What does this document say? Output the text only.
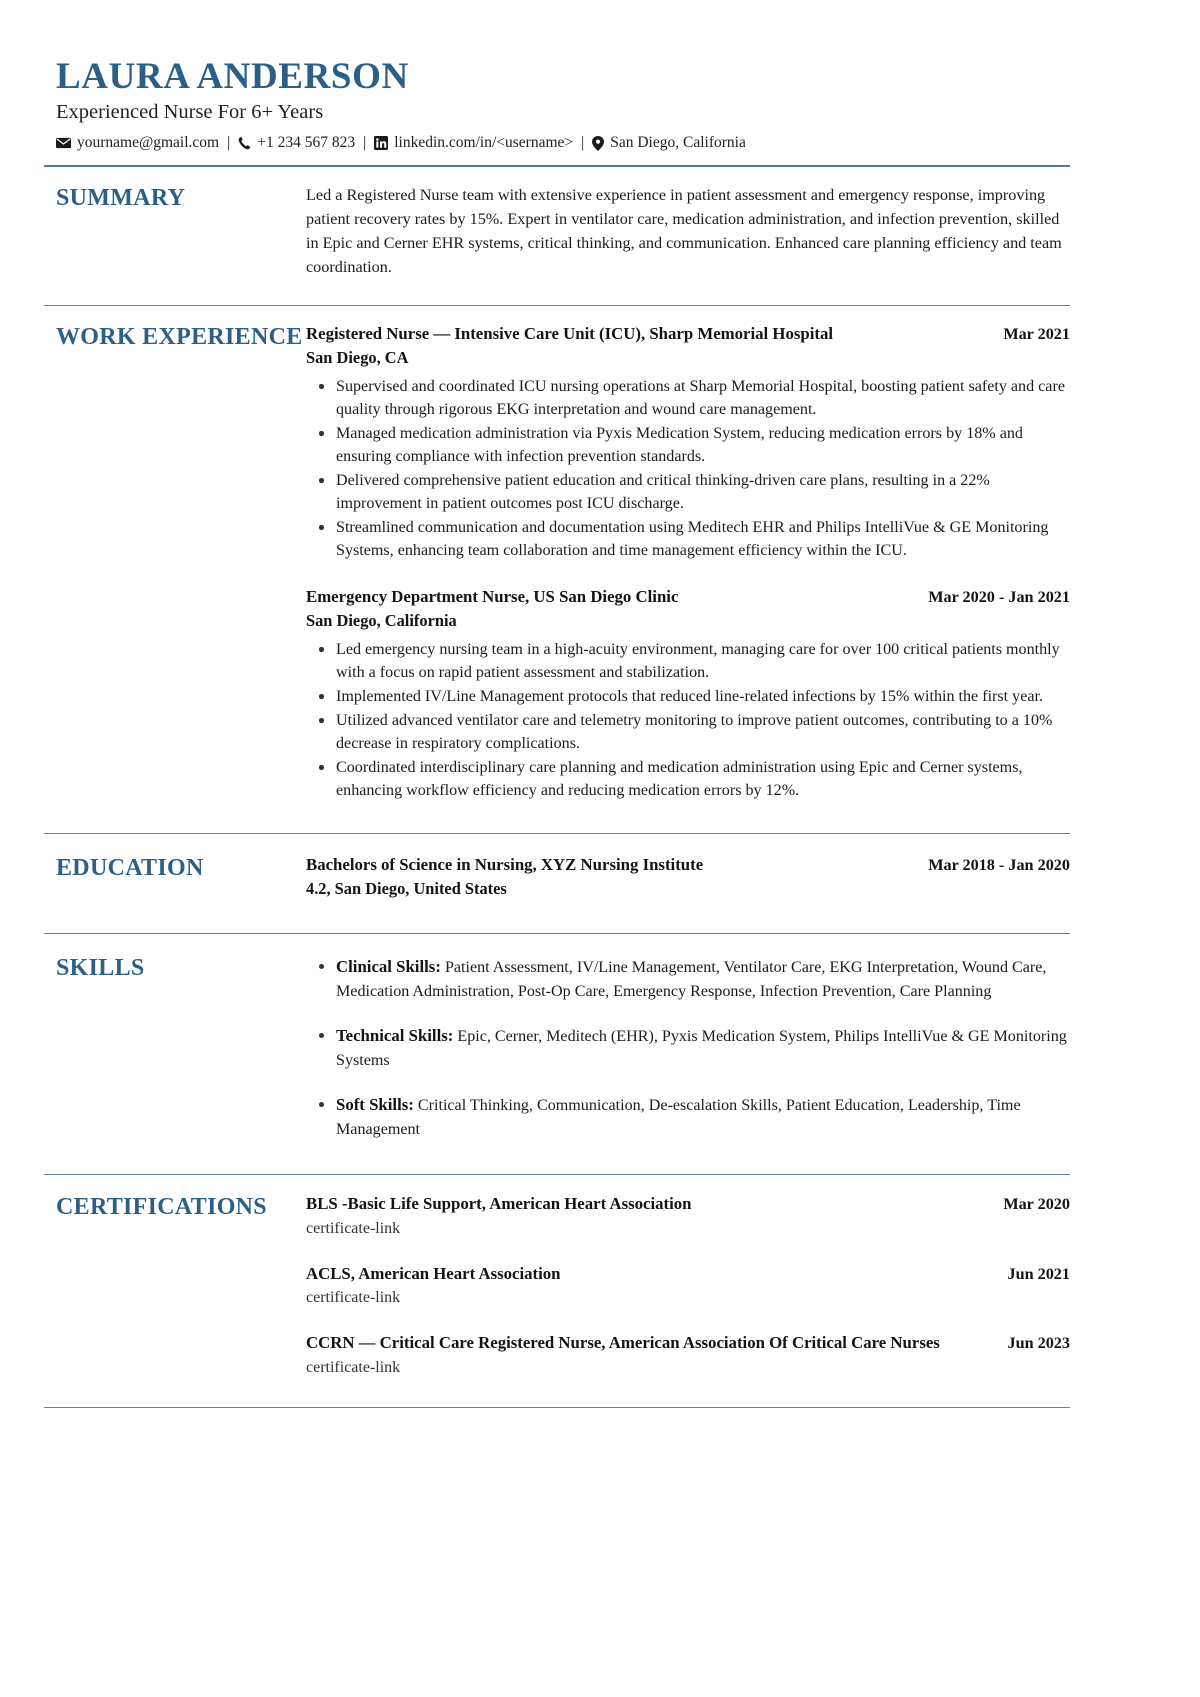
LAURA ANDERSON
Experienced Nurse For 6+ Years
yourname@gmail.com |	+1 234 567 823 |	linkedin.com/in/<username> |	San Diego, California
SUMMARY	Led a Registered Nurse team with extensive experience in patient assessment and emergency response, improving patient recovery rates by 15%. Expert in ventilator care, medication administration, and infection prevention, skilled in Epic and Cerner EHR systems, critical thinking, and communication. Enhanced care planning efficiency and team coordination.
WORK EXPERIENCE Registered Nurse –– Intensive Care Unit (ICU), Sharp Memorial Hospital	Mar 2021
San Diego, CA
Supervised and coordinated ICU nursing operations at Sharp Memorial Hospital, boosting patient safety and care quality through rigorous EKG interpretation and wound care management.
Managed medication administration via Pyxis Medication System, reducing medication errors by 18% and ensuring compliance with infection prevention standards.
Delivered comprehensive patient education and critical thinking-driven care plans, resulting in a 22% improvement in patient outcomes post ICU discharge.
Streamlined communication and documentation using Meditech EHR and Philips IntelliVue & GE Monitoring Systems, enhancing team collaboration and time management efficiency within the ICU.
Emergency Department Nurse, US San Diego Clinic	Mar 2020 - Jan 2021
San Diego, California
Led emergency nursing team in a high-acuity environment, managing care for over 100 critical patients monthly with a focus on rapid patient assessment and stabilization.
Implemented IV/Line Management protocols that reduced line-related infections by 15% within the first year.
Utilized advanced ventilator care and telemetry monitoring to improve patient outcomes, contributing to a 10% decrease in respiratory complications.
Coordinated interdisciplinary care planning and medication administration using Epic and Cerner systems, enhancing workflow efficiency and reducing medication errors by 12%.
EDUCATION	Bachelors of Science in Nursing, XYZ Nursing Institute	Mar 2018 - Jan 2020
4.2, San Diego, United States
SKILLS	Clinical Skills: Patient Assessment, IV/Line Management, Ventilator Care, EKG Interpretation, Wound Care, Medication Administration, Post-Op Care, Emergency Response, Infection Prevention, Care Planning
Technical Skills: Epic, Cerner, Meditech (EHR), Pyxis Medication System, Philips IntelliVue & GE Monitoring Systems
Soft Skills: Critical Thinking, Communication, De-escalation Skills, Patient Education, Leadership, Time Management
CERTIFICATIONS	BLS -Basic Life Support, American Heart Association	Mar 2020
certificate-link
ACLS, American Heart Association	Jun 2021
certificate-link
CCRN — Critical Care Registered Nurse, American Association Of Critical Care Nurses	Jun 2023
certificate-link
